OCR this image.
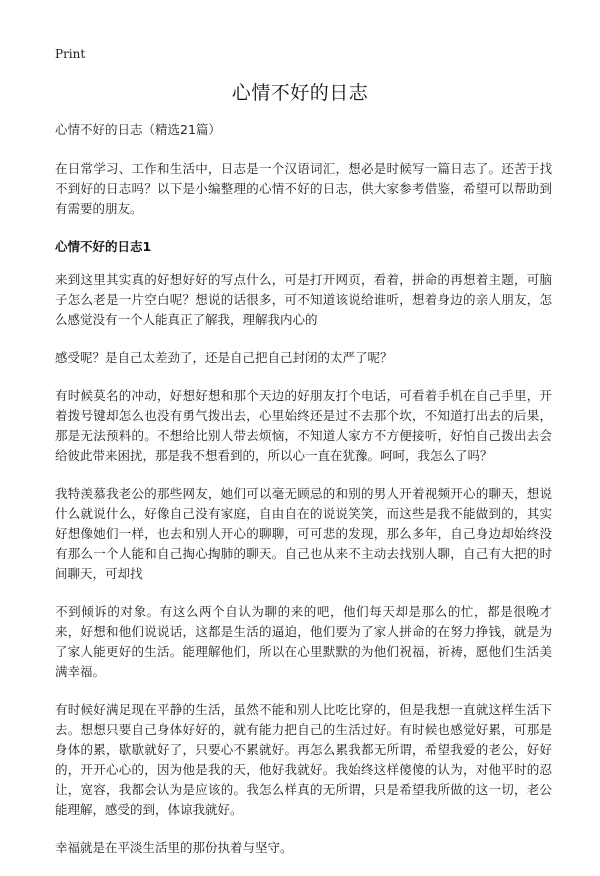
Print
心情不好的日志

心情不好的日志（精选21篇）

在日常学习、工作和生活中，日志是一个汉语词汇，想必是时候写一篇日志了。还苦于找不到好的日志吗？以下是小编整理的心情不好的日志，供大家参考借鉴，希望可以帮助到有需要的朋友。

心情不好的日志1

来到这里其实真的好想好好的写点什么，可是打开网页，看着，拼命的再想着主题，可脑子怎么老是一片空白呢？想说的话很多，可不知道该说给谁听，想着身边的亲人朋友，怎么感觉没有一个人能真正了解我，理解我内心的

感受呢？是自己太差劲了，还是自己把自己封闭的太严了呢？

有时候莫名的冲动，好想好想和那个天边的好朋友打个电话，可看着手机在自己手里，开着拨号键却怎么也没有勇气拨出去，心里始终还是过不去那个坎，不知道打出去的后果，那是无法预料的。不想给比别人带去烦恼，不知道人家方不方便接听，好怕自己拨出去会给彼此带来困扰，那是我不想看到的，所以心一直在犹豫。呵呵，我怎么了吗？

我特羡慕我老公的那些网友，她们可以毫无顾忌的和别的男人开着视频开心的聊天，想说什么就说什么，好像自己没有家庭，自由自在的说说笑笑，而这些是我不能做到的，其实好想像她们一样，也去和别人开心的聊聊，可可悲的发现，那么多年，自己身边却始终没有那么一个人能和自己掏心掏肺的聊天。自己也从来不主动去找别人聊，自己有大把的时间聊天，可却找

不到倾诉的对象。有这么两个自认为聊的来的吧，他们每天却是那么的忙，都是很晚才来，好想和他们说说话，这都是生活的逼迫，他们要为了家人拼命的在努力挣钱，就是为了家人能更好的生活。能理解他们，所以在心里默默的为他们祝福，祈祷，愿他们生活美满幸福。

有时候好满足现在平静的生活，虽然不能和别人比吃比穿的，但是我想一直就这样生活下去。想想只要自己身体好好的，就有能力把自己的生活过好。有时候也感觉好累，可那是身体的累，歇歇就好了，只要心不累就好。再怎么累我都无所谓，希望我爱的老公，好好的，开开心心的，因为他是我的天，他好我就好。我始终这样傻傻的认为，对他平时的忍让，宽容，我都会认为是应该的。我怎么样真的无所谓，只是希望我所做的这一切，老公能理解，感受的到，体谅我就好。

幸福就是在平淡生活里的那份执着与坚守。
